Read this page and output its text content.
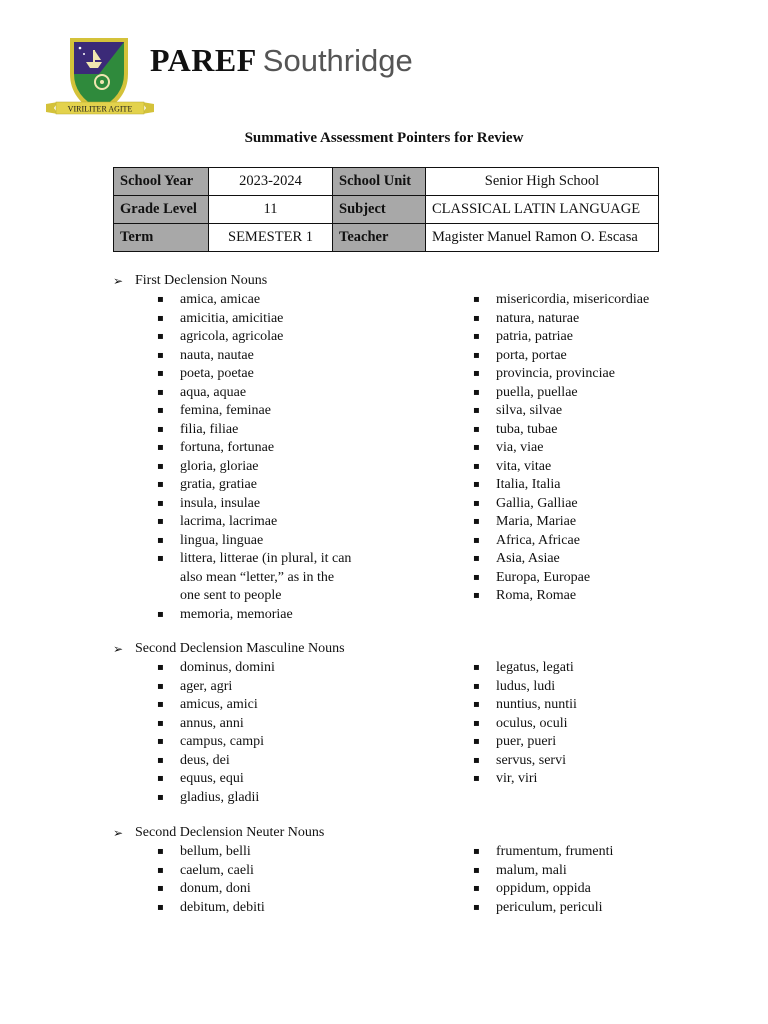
VIRILITER AGITE
PAREF Southridge
Summative Assessment Pointers for Review
School Year	2023-2024	School Unit	Senior High School
Grade Level	11	Subject	CLASSICAL LATIN LANGUAGE
Term	SEMESTER 1	Teacher	Magister Manuel Ramon O. Escasa
➢ First Declension Nouns
▪ amica, amicae
▪ amicitia, amicitiae
▪ agricola, agricolae
▪ nauta, nautae
▪ poeta, poetae
▪ aqua, aquae
▪ femina, feminae
▪ filia, filiae
▪ fortuna, fortunae
▪ gloria, gloriae
▪ gratia, gratiae
▪ insula, insulae
▪ lacrima, lacrimae
▪ lingua, linguae
▪ littera, litterae (in plural, it can also mean “letter,” as in the one sent to people
▪ memoria, memoriae
▪ misericordia, misericordiae
▪ natura, naturae
▪ patria, patriae
▪ porta, portae
▪ provincia, provinciae
▪ puella, puellae
▪ silva, silvae
▪ tuba, tubae
▪ via, viae
▪ vita, vitae
▪ Italia, Italia
▪ Gallia, Galliae
▪ Maria, Mariae
▪ Africa, Africae
▪ Asia, Asiae
▪ Europa, Europae
▪ Roma, Romae
➢ Second Declension Masculine Nouns
▪ dominus, domini
▪ ager, agri
▪ amicus, amici
▪ annus, anni
▪ campus, campi
▪ deus, dei
▪ equus, equi
▪ gladius, gladii
▪ legatus, legati
▪ ludus, ludi
▪ nuntius, nuntii
▪ oculus, oculi
▪ puer, pueri
▪ servus, servi
▪ vir, viri
➢ Second Declension Neuter Nouns
▪ bellum, belli
▪ caelum, caeli
▪ donum, doni
▪ debitum, debiti
▪ frumentum, frumenti
▪ malum, mali
▪ oppidum, oppida
▪ periculum, periculi
